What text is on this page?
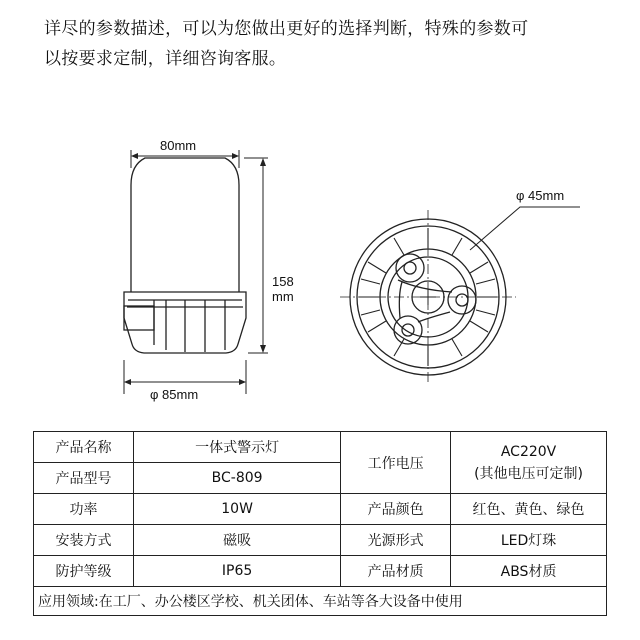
详尽的参数描述，可以为您做出更好的选择判断，特殊的参数可
以按要求定制，详细咨询客服。
80mm
158
mm
φ 85mm
φ 45mm
产品名称	一体式警示灯	工作电压	AC220V
(其他电压可定制)

产品型号	BC-809		
功率	10W	产品颜色	红色、黄色、绿色
安装方式	磁吸	光源形式	LED灯珠
防护等级	IP65	产品材质	ABS材质
应用领域:在工厂、办公楼区学校、机关团体、车站等各大设备中使用			
